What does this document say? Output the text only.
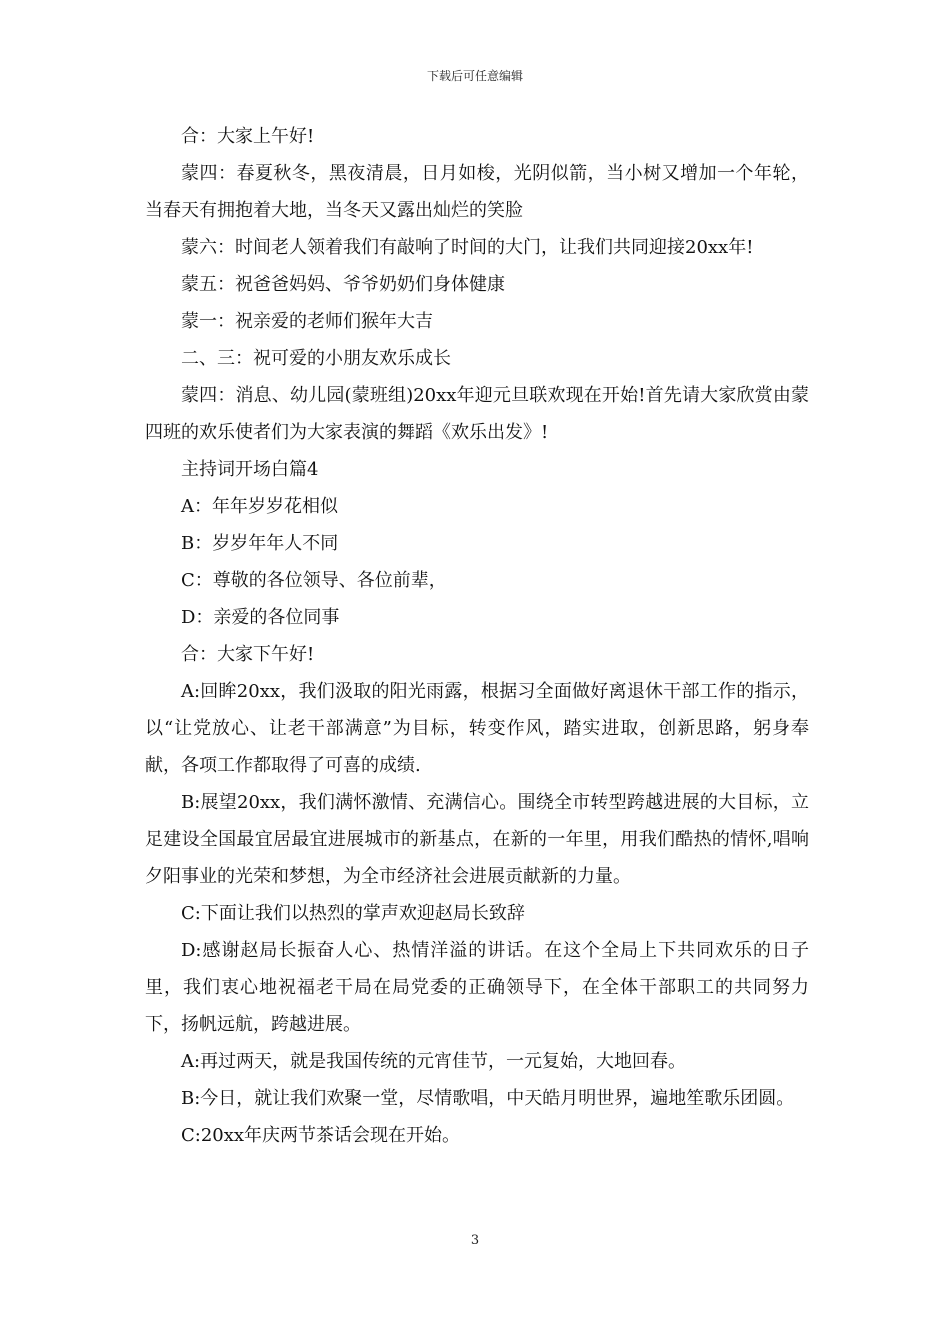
下载后可任意编辑

合：大家上午好!

蒙四：春夏秋冬，黑夜清晨，日月如梭，光阴似箭，当小树又增加一个年轮，当春天有拥抱着大地，当冬天又露出灿烂的笑脸

蒙六：时间老人领着我们有敲响了时间的大门，让我们共同迎接20xx年!

蒙五：祝爸爸妈妈、爷爷奶奶们身体健康

蒙一：祝亲爱的老师们猴年大吉

二、三：祝可爱的小朋友欢乐成长

蒙四：消息、幼儿园(蒙班组)20xx年迎元旦联欢现在开始!首先请大家欣赏由蒙四班的欢乐使者们为大家表演的舞蹈《欢乐出发》!

主持词开场白篇4

A：年年岁岁花相似

B：岁岁年年人不同

C：尊敬的各位领导、各位前辈，

D：亲爱的各位同事

合：大家下午好!

A:回眸20xx，我们汲取的阳光雨露，根据习全面做好离退休干部工作的指示，以“让党放心、让老干部满意”为目标，转变作风，踏实进取，创新思路，躬身奉献，各项工作都取得了可喜的成绩.

B:展望20xx，我们满怀激情、充满信心。围绕全市转型跨越进展的大目标，立足建设全国最宜居最宜进展城市的新基点，在新的一年里，用我们酷热的情怀,唱响夕阳事业的光荣和梦想，为全市经济社会进展贡献新的力量。

C:下面让我们以热烈的掌声欢迎赵局长致辞

D:感谢赵局长振奋人心、热情洋溢的讲话。在这个全局上下共同欢乐的日子里，我们衷心地祝福老干局在局党委的正确领导下，在全体干部职工的共同努力下，扬帆远航，跨越进展。

A:再过两天，就是我国传统的元宵佳节，一元复始，大地回春。

B:今日，就让我们欢聚一堂，尽情歌唱，中天皓月明世界，遍地笙歌乐团圆。

C:20xx年庆两节茶话会现在开始。

3
